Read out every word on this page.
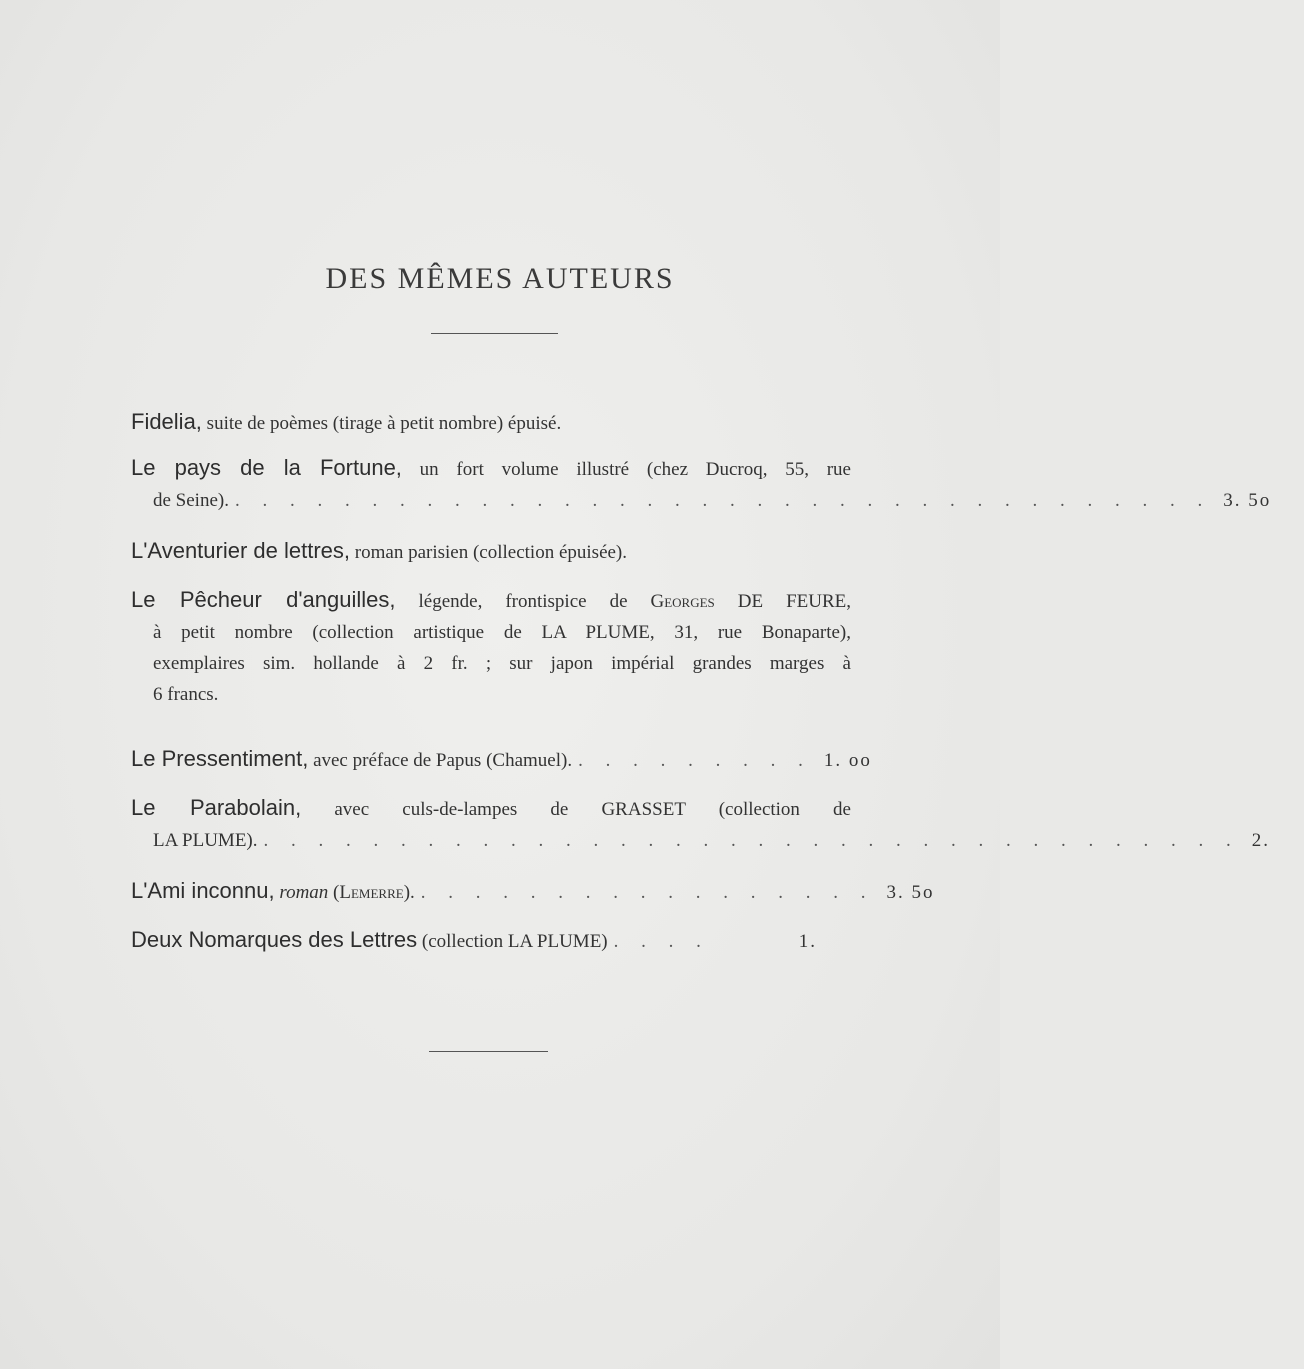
DES MÊMES AUTEURS
Fidelia, suite de poèmes (tirage à petit nombre) épuisé.
Le pays de la Fortune, un fort volume illustré (chez Ducroq, 55, rue
de Seine). . . . . . . . . . . . . . . . . . . . . . . . . . . . . . . . . . . . . 3. 5o
L'Aventurier de lettres, roman parisien (collection épuisée).
Le Pêcheur d'anguilles, légende, frontispice de Georges DE FEURE,
à petit nombre (collection artistique de LA PLUME, 31, rue Bonaparte),
exemplaires sim. hollande à 2 fr. ; sur japon impérial grandes marges à
6 francs.
Le Pressentiment, avec préface de Papus (Chamuel). . . . . . . . . . 1. oo
Le Parabolain, avec culs-de-lampes de GRASSET (collection de
LA PLUME). . . . . . . . . . . . . . . . . . . . . . . . . . . . . . . . . . . . . 2.
L'Ami inconnu, roman (Lemerre). . . . . . . . . . . . . . . . . . 3. 5o
Deux Nomarques des Lettres (collection LA PLUME) . . . .	1.
